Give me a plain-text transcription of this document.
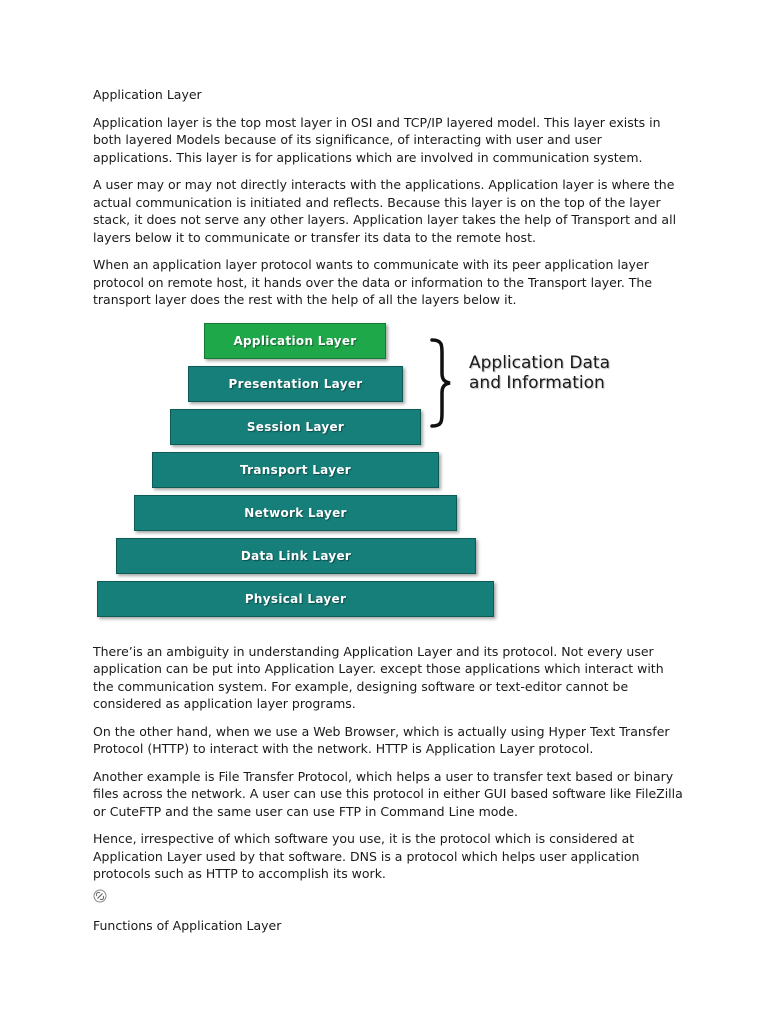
Application Layer

Application layer is the top most layer in OSI and TCP/IP layered model. This layer exists in both layered Models because of its significance, of interacting with user and user applications. This layer is for applications which are involved in communication system.

A user may or may not directly interacts with the applications. Application layer is where the actual communication is initiated and reflects. Because this layer is on the top of the layer stack, it does not serve any other layers. Application layer takes the help of Transport and all layers below it to communicate or transfer its data to the remote host.

When an application layer protocol wants to communicate with its peer application layer protocol on remote host, it hands over the data or information to the Transport layer. The transport layer does the rest with the help of all the layers below it.

Application Layer
Presentation Layer
Session Layer
Transport Layer
Network Layer
Data Link Layer
Physical Layer
Application Data
and Information

There’is an ambiguity in understanding Application Layer and its protocol. Not every user application can be put into Application Layer. except those applications which interact with the communication system. For example, designing software or text-editor cannot be considered as application layer programs.

On the other hand, when we use a Web Browser, which is actually using Hyper Text Transfer Protocol (HTTP) to interact with the network. HTTP is Application Layer protocol.

Another example is File Transfer Protocol, which helps a user to transfer text based or binary files across the network. A user can use this protocol in either GUI based software like FileZilla or CuteFTP and the same user can use FTP in Command Line mode.

Hence, irrespective of which software you use, it is the protocol which is considered at Application Layer used by that software. DNS is a protocol which helps user application protocols such as HTTP to accomplish its work.

Functions of Application Layer
